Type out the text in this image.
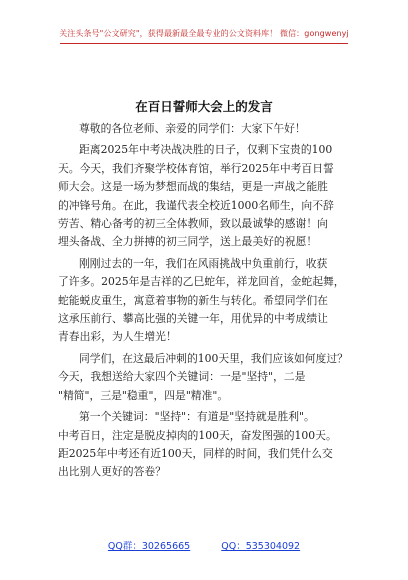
关注头条号"公文研究"，获得最新最全最专业的公文资料库！ 微信：gongwenyj
在百日誓师大会上的发言

尊敬的各位老师、亲爱的同学们：大家下午好！

距离2025年中考决战决胜的日子，仅剩下宝贵的100
天。今天，我们齐聚学校体育馆，举行2025年中考百日誓
师大会。这是一场为梦想而战的集结，更是一声战之能胜
的冲锋号角。在此，我谨代表全校近1000名师生，向不辞
劳苦、精心备考的初三全体教师，致以最诚挚的感谢！向
埋头备战、全力拼搏的初三同学，送上最美好的祝愿！
刚刚过去的一年，我们在风雨挑战中负重前行，收获
了许多。2025年是吉祥的乙巳蛇年，祥龙回首，金蛇起舞，
蛇能蜕皮重生，寓意着事物的新生与转化。希望同学们在
这承压前行、攀高比强的关键一年，用优异的中考成绩让
青春出彩，为人生增光！
同学们，在这最后冲刺的100天里，我们应该如何度过？
今天，我想送给大家四个关键词：一是"坚持"，二是
"精简"，三是"稳重"，四是"精准"。
第一个关键词："坚持"：有道是"坚持就是胜利"。
中考百日，注定是脱皮掉肉的100天，奋发图强的100天。
距2025年中考还有近100天，同样的时间，我们凭什么交
出比别人更好的答卷？
QQ群：30265665	QQ：535304092
